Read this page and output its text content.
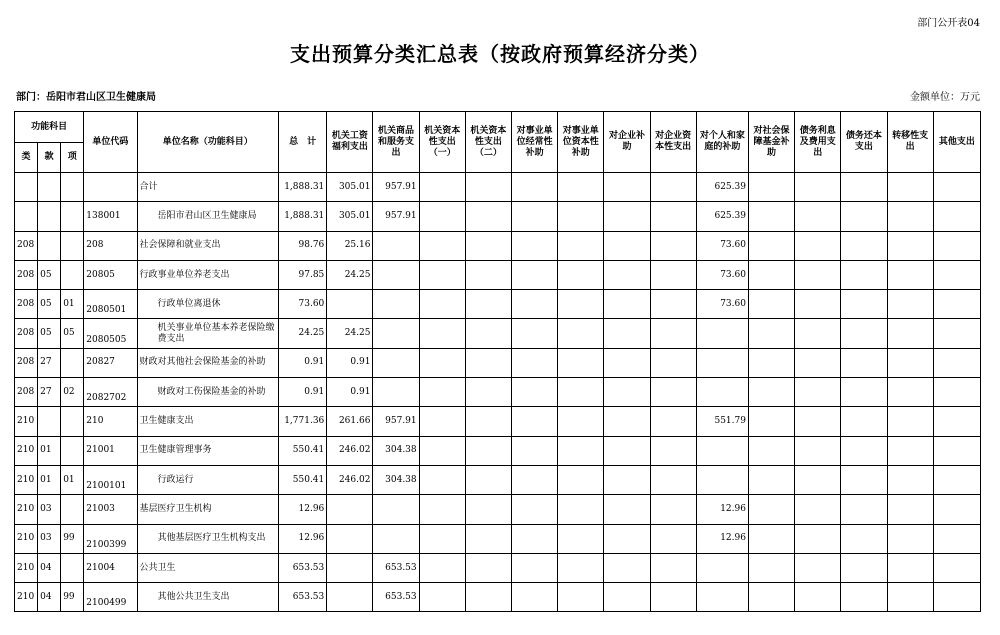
部门公开表04
支出预算分类汇总表（按政府预算经济分类）
部门：岳阳市君山区卫生健康局	金额单位：万元
功能科目			单位代码	单位名称（功能科目）	总　计	机关工资福利支出	机关商品和服务支出	机关资本性支出（一）	机关资本性支出（二）	对事业单位经常性补助	对事业单位资本性补助	对企业补助	对企业资本性支出	对个人和家庭的补助	对社会保障基金补助	债务利息及费用支出	债务还本支出	转移性支出	其他支出
类	款	项																	
				合计	1,888.31	305.01	957.91							625.39					
			138001	岳阳市君山区卫生健康局	1,888.31	305.01	957.91							625.39					
208			208	社会保障和就业支出	98.76	25.16								73.60					
208	05		20805	行政事业单位养老支出	97.85	24.25								73.60					
208	05	01	2080501	行政单位离退休	73.60									73.60					
208	05	05	2080505	机关事业单位基本养老保险缴费支出	24.25	24.25													
208	27		20827	财政对其他社会保险基金的补助	0.91	0.91													
208	27	02	2082702	财政对工伤保险基金的补助	0.91	0.91													
210			210	卫生健康支出	1,771.36	261.66	957.91							551.79					
210	01		21001	卫生健康管理事务	550.41	246.02	304.38												
210	01	01	2100101	行政运行	550.41	246.02	304.38												
210	03		21003	基层医疗卫生机构	12.96									12.96					
210	03	99	2100399	其他基层医疗卫生机构支出	12.96									12.96					
210	04		21004	公共卫生	653.53		653.53												
210	04	99	2100499	其他公共卫生支出	653.53		653.53												
